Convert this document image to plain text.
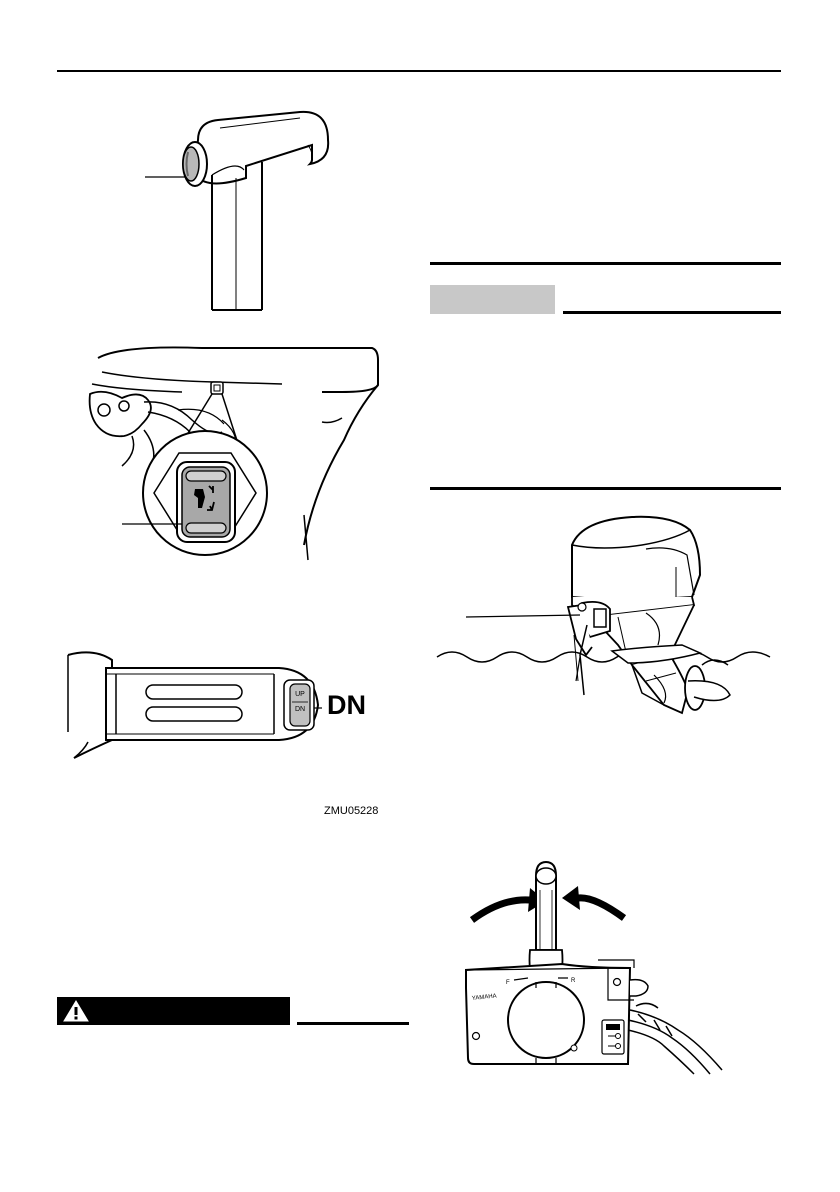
UP
DN DN
ZMU05228
F	R
YAMAHA
